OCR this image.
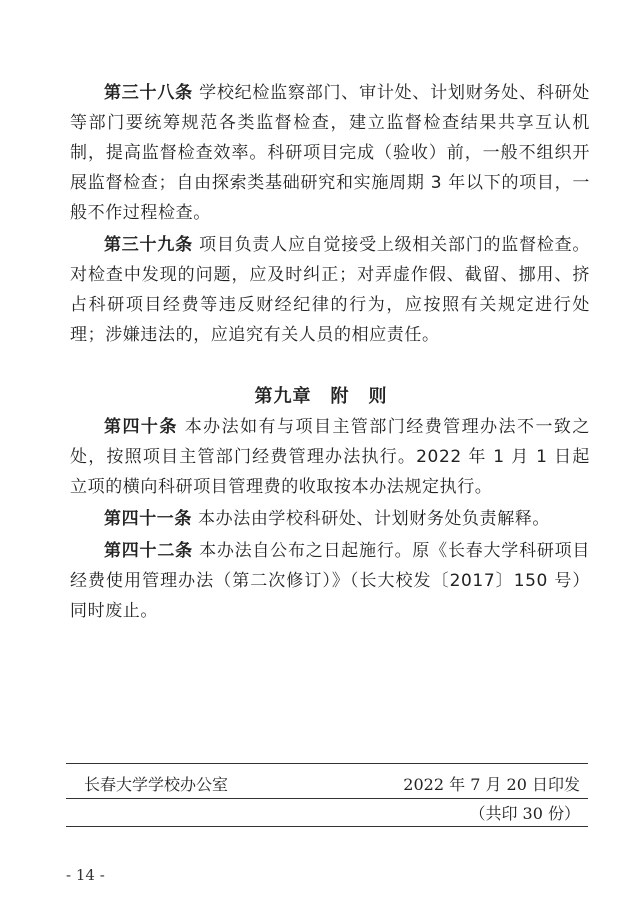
第三十八条 学校纪检监察部门、审计处、计划财务处、科研处等部门要统筹规范各类监督检查，建立监督检查结果共享互认机制，提高监督检查效率。科研项目完成（验收）前，一般不组织开展监督检查；自由探索类基础研究和实施周期 3 年以下的项目，一般不作过程检查。

第三十九条 项目负责人应自觉接受上级相关部门的监督检查。对检查中发现的问题，应及时纠正；对弄虚作假、截留、挪用、挤占科研项目经费等违反财经纪律的行为，应按照有关规定进行处理；涉嫌违法的，应追究有关人员的相应责任。

第九章　附　则

第四十条 本办法如有与项目主管部门经费管理办法不一致之处，按照项目主管部门经费管理办法执行。2022 年 1 月 1 日起立项的横向科研项目管理费的收取按本办法规定执行。

第四十一条 本办法由学校科研处、计划财务处负责解释。

第四十二条 本办法自公布之日起施行。原《长春大学科研项目经费使用管理办法（第二次修订）》（长大校发〔2017〕150 号）同时废止。

长春大学学校办公室	2022 年 7 月 20 日印发
（共印 30 份）
- 14 -
